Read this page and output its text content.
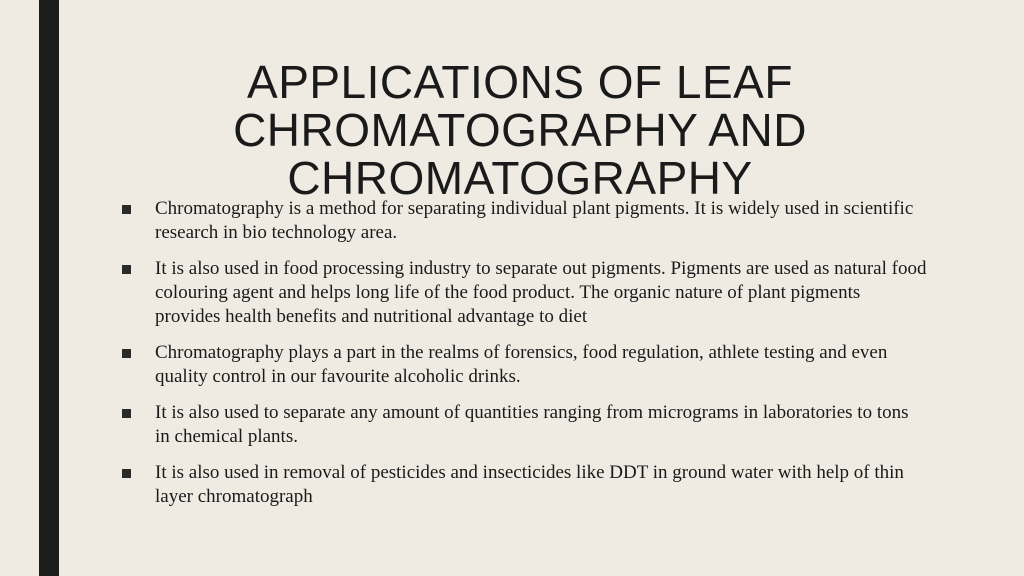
APPLICATIONS OF LEAF
CHROMATOGRAPHY AND
CHROMATOGRAPHY
Chromatography is a method for separating individual plant pigments. It is widely used in scientific research in bio technology area.
It is also used in food processing industry to separate out pigments. Pigments are used as natural food colouring agent and helps long life of the food product. The organic nature of plant pigments provides health benefits and nutritional advantage to diet
Chromatography plays a part in the realms of forensics, food regulation, athlete testing and even quality control in our favourite alcoholic drinks.
It is also used to separate any amount of quantities ranging from micrograms in laboratories to tons in chemical plants.
It is also used in removal of pesticides and insecticides like DDT in ground water with help of thin layer chromatograph
